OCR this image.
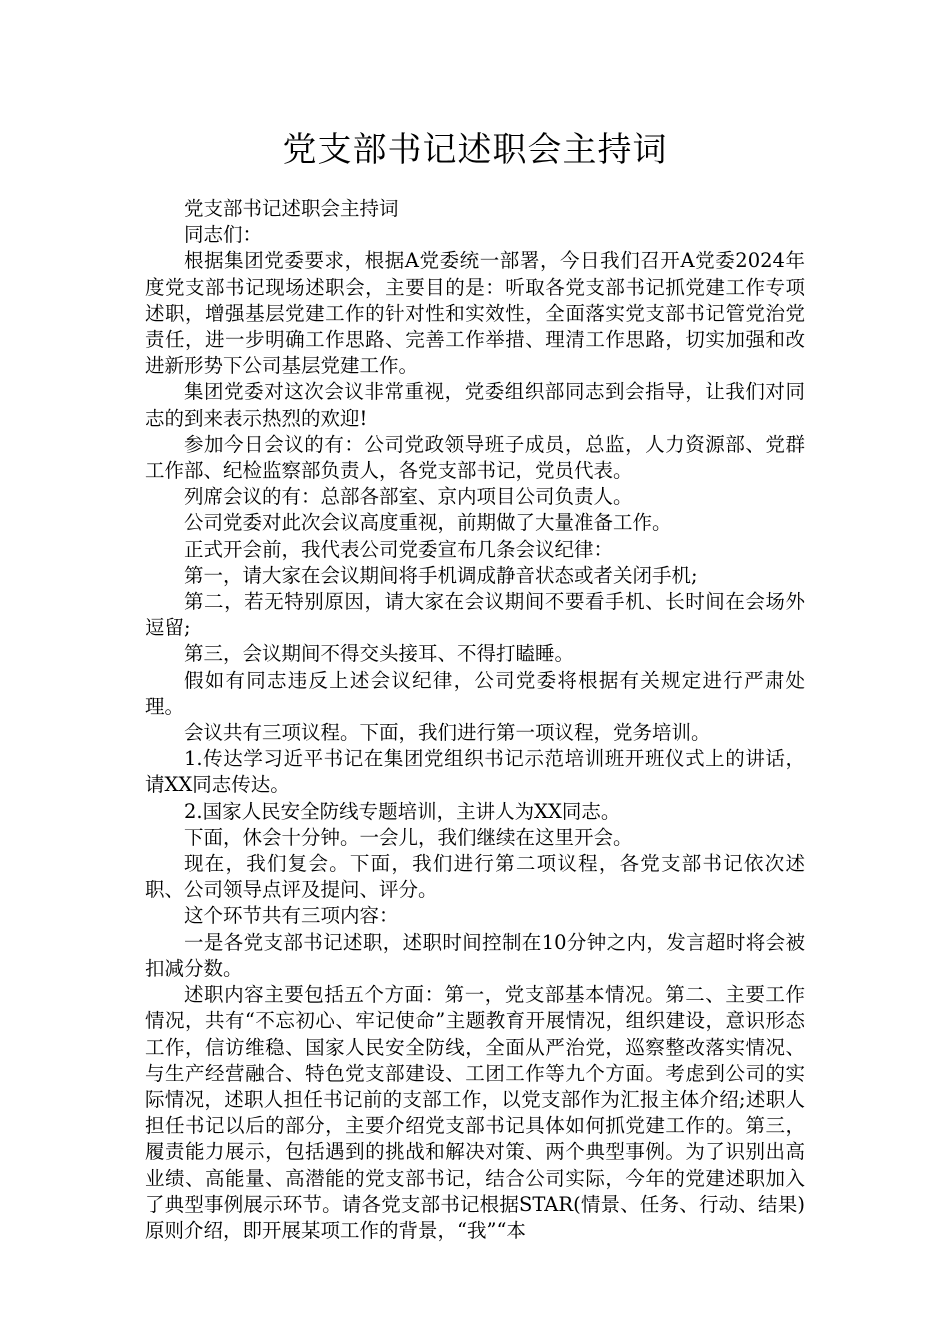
党支部书记述职会主持词

党支部书记述职会主持词

同志们：

根据集团党委要求，根据A党委统一部署，今日我们召开A党委2024年度党支部书记现场述职会，主要目的是：听取各党支部书记抓党建工作专项述职，增强基层党建工作的针对性和实效性，全面落实党支部书记管党治党责任，进一步明确工作思路、完善工作举措、理清工作思路，切实加强和改进新形势下公司基层党建工作。

集团党委对这次会议非常重视，党委组织部同志到会指导，让我们对同志的到来表示热烈的欢迎!

参加今日会议的有：公司党政领导班子成员，总监，人力资源部、党群工作部、纪检监察部负责人，各党支部书记，党员代表。

列席会议的有：总部各部室、京内项目公司负责人。

公司党委对此次会议高度重视，前期做了大量准备工作。

正式开会前，我代表公司党委宣布几条会议纪律：

第一，请大家在会议期间将手机调成静音状态或者关闭手机;

第二，若无特别原因，请大家在会议期间不要看手机、长时间在会场外逗留;

第三，会议期间不得交头接耳、不得打瞌睡。

假如有同志违反上述会议纪律，公司党委将根据有关规定进行严肃处理。

会议共有三项议程。下面，我们进行第一项议程，党务培训。

1.传达学习近平书记在集团党组织书记示范培训班开班仪式上的讲话，请XX同志传达。

2.国家人民安全防线专题培训，主讲人为XX同志。

下面，休会十分钟。一会儿，我们继续在这里开会。

现在，我们复会。下面，我们进行第二项议程，各党支部书记依次述职、公司领导点评及提问、评分。

这个环节共有三项内容：

一是各党支部书记述职，述职时间控制在10分钟之内，发言超时将会被扣减分数。

述职内容主要包括五个方面：第一，党支部基本情况。第二、主要工作情况，共有“不忘初心、牢记使命”主题教育开展情况，组织建设，意识形态工作，信访维稳、国家人民安全防线，全面从严治党，巡察整改落实情况、与生产经营融合、特色党支部建设、工团工作等九个方面。考虑到公司的实际情况，述职人担任书记前的支部工作，以党支部作为汇报主体介绍;述职人担任书记以后的部分，主要介绍党支部书记具体如何抓党建工作的。第三，履责能力展示，包括遇到的挑战和解决对策、两个典型事例。为了识别出高业绩、高能量、高潜能的党支部书记，结合公司实际，今年的党建述职加入了典型事例展示环节。请各党支部书记根据STAR(情景、任务、行动、结果)原则介绍，即开展某项工作的背景，“我”“本
